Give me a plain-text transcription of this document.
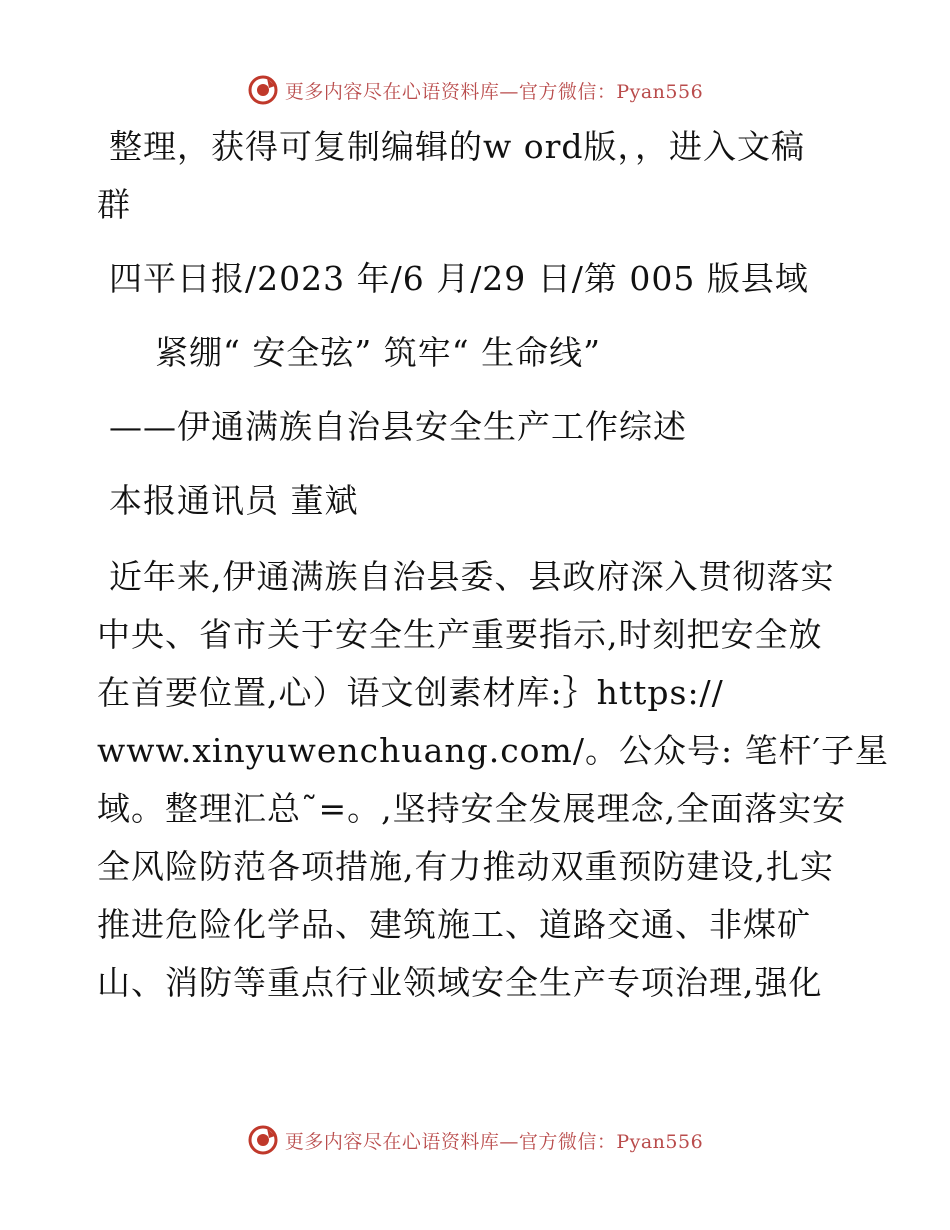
更多内容尽在心语资料库—官方微信：Pyan556

整理，获得可复制编辑的w ord版，，进入文稿

群

四平日报/2023 年/6 月/29 日/第 005 版县域

紧绷“ 安全弦” 筑牢“ 生命线”

——伊通满族自治县安全生产工作综述

本报通讯员 董斌

近年来,伊通满族自治县委、县政府深入贯彻落实

中央、省市关于安全生产重要指示,时刻把安全放

在首要位置,心）语文创素材库:｝https://

www.xinyuwenchuang.com/。公众号: 笔杆′子星

域。整理汇总˜=。,坚持安全发展理念,全面落实安

全风险防范各项措施,有力推动双重预防建设,扎实

推进危险化学品、建筑施工、道路交通、非煤矿

山、消防等重点行业领域安全生产专项治理,强化

更多内容尽在心语资料库—官方微信：Pyan556
